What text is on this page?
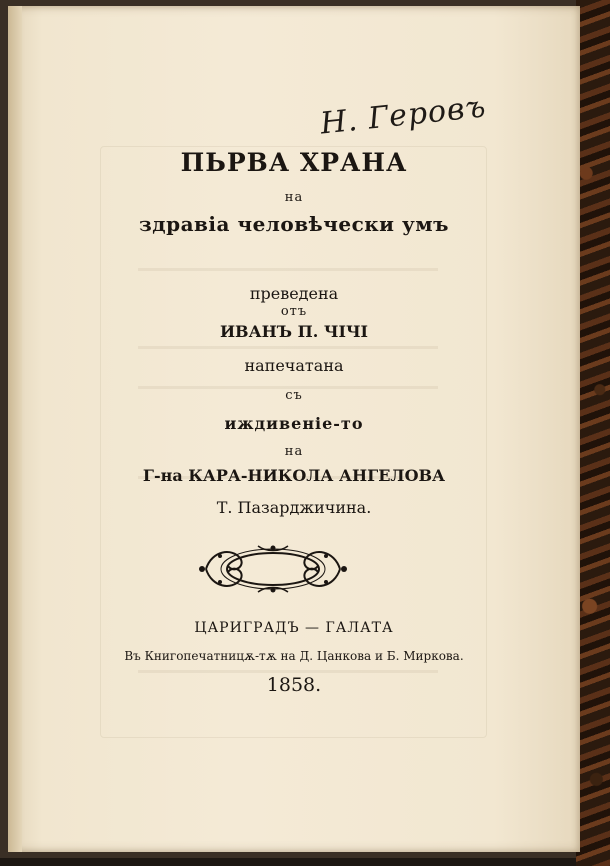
Н. Геровъ
ПЬРВА ХРАНА
на
здравiа человѣчески умъ
преведена
отъ
ИВАНЪ П. ЧIЧI
напечатана
съ
иждивенiе-то
на
Г-на КАРА-НИКОЛА АНГЕЛОВА
Т. Пазарджичина.
ЦАРИГРАДЪ — ГАЛАТА
Въ Книгопечатницѫ-тѫ на Д. Цанкова и Б. Миркова.
1858.
